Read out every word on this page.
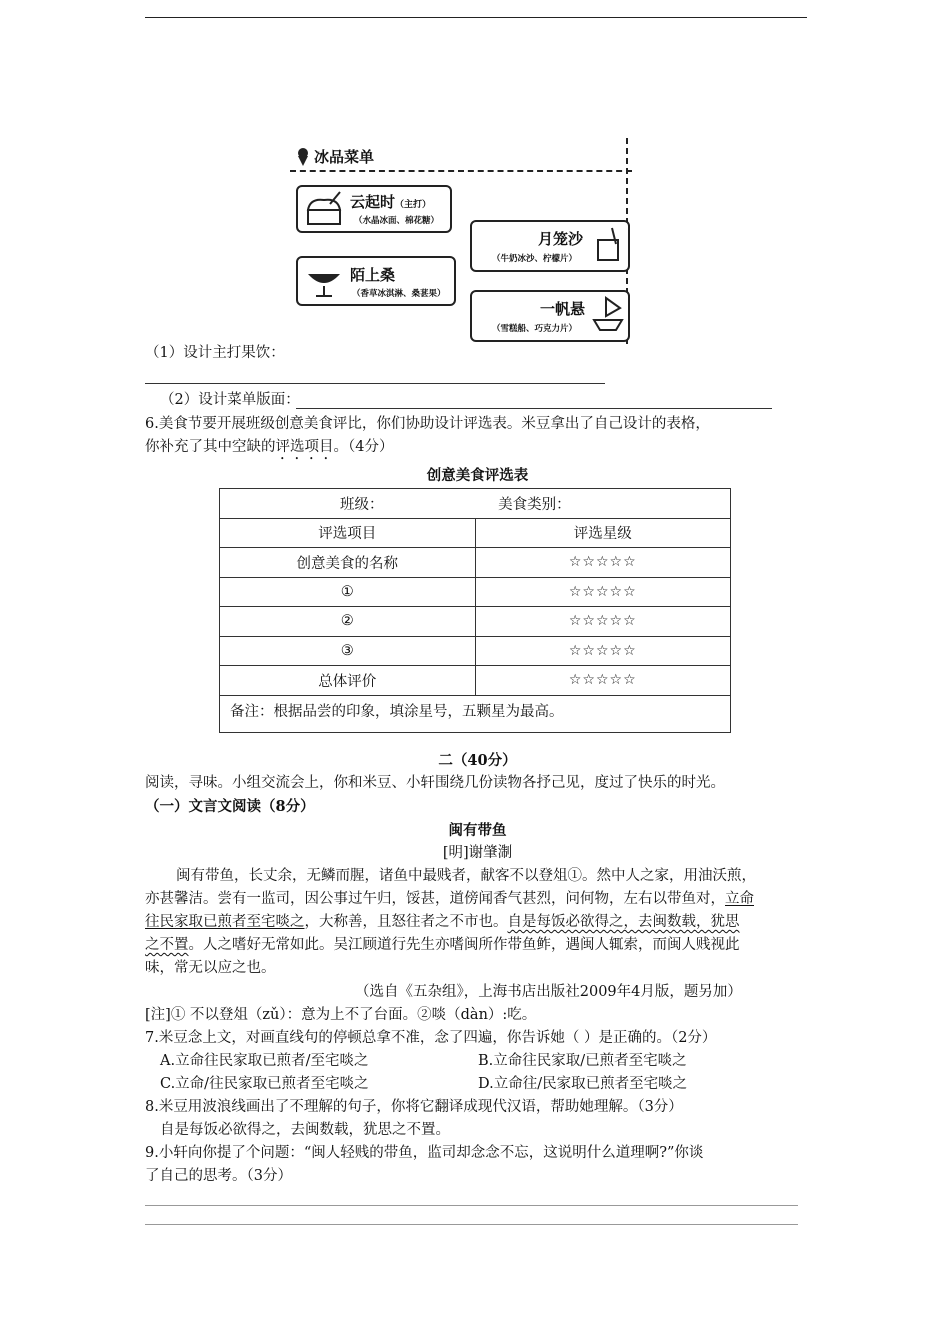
冰品菜单
云起时（主打）
（水晶冰面、棉花糖）
月笼沙
（牛奶冰沙、柠檬片）
陌上桑
（香草冰淇淋、桑葚果）
一帆悬
（雪糕船、巧克力片）
（1）设计主打果饮：
（2）设计菜单版面：
6.美食节要开展班级创意美食评比，你们协助设计评选表。米豆拿出了自己设计的表格，
你补充了其中空缺的评选项目。（4分）
创意美食评选表
班级： 美食类别：	
评选项目	评选星级
创意美食的名称	☆☆☆☆☆
①	☆☆☆☆☆
②	☆☆☆☆☆
③	☆☆☆☆☆
总体评价	☆☆☆☆☆
备注：根据品尝的印象，填涂星号，五颗星为最高。	
二（40分）
阅读，寻味。小组交流会上，你和米豆、小轩围绕几份读物各抒己见，度过了快乐的时光。
（一）文言文阅读（8分）
闽有带鱼
[明]谢肇淛
闽有带鱼，长丈余，无鳞而腥，诸鱼中最贱者，献客不以登俎①。然中人之家，用油沃煎，
亦甚馨洁。尝有一监司，因公事过午归，馁甚，道傍闻香气甚烈，问何物，左右以带鱼对，立命
往民家取已煎者至宅啖之，大称善，且怒往者之不市也。自是每饭必欲得之，去闽数载，犹思
之不置。人之嗜好无常如此。吴江顾道行先生亦嗜闽所作带鱼鲊，遇闽人辄索，而闽人贱视此
味，常无以应之也。
（选自《五杂组》，上海书店出版社2009年4月版，题另加）
[注]① 不以登俎（zǔ）：意为上不了台面。②啖（dàn）:吃。
7.米豆念上文，对画直线句的停顿总拿不准，念了四遍，你告诉她（ ）是正确的。（2分）
A.立命往民家取已煎者/至宅啖之	B.立命往民家取/已煎者至宅啖之
C.立命/往民家取已煎者至宅啖之	D.立命往/民家取已煎者至宅啖之
8.米豆用波浪线画出了不理解的句子，你将它翻译成现代汉语，帮助她理解。（3分）
自是每饭必欲得之，去闽数载，犹思之不置。
9.小轩向你提了个问题：“闽人轻贱的带鱼，监司却念念不忘，这说明什么道理啊?”你谈
了自己的思考。（3分）
